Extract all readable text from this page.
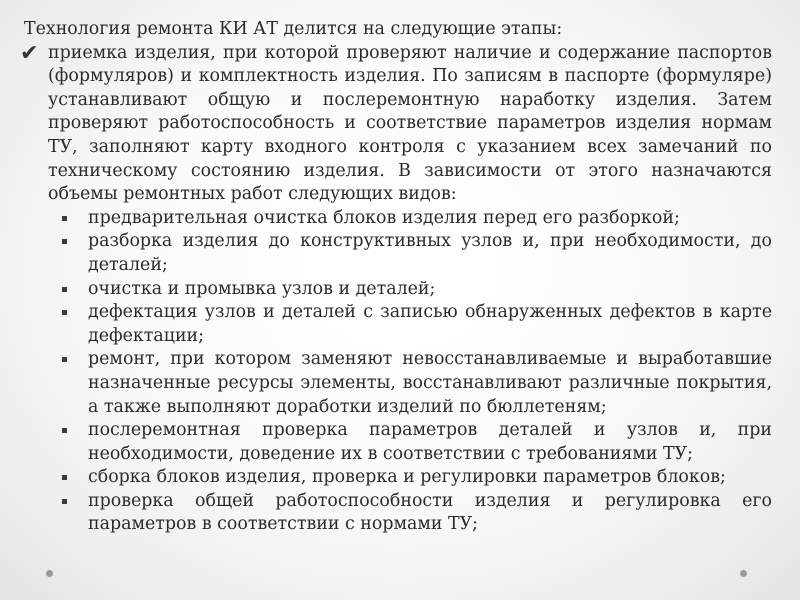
Технология ремонта КИ АТ делится на следующие этапы:

✔ приемка изделия, при которой проверяют наличие и содержание паспортов (формуляров) и комплектность изделия. По записям в паспорте (формуляре) устанавливают общую и послеремонтную наработку изделия. Затем проверяют работоспособность и соответствие параметров изделия нормам ТУ, заполняют карту входного контроля с указанием всех замечаний по техническому состоянию изделия. В зависимости от этого назначаются объемы ремонтных работ следующих видов:
предварительная очистка блоков изделия перед его разборкой;
разборка изделия до конструктивных узлов и, при необходимости, до деталей;
очистка и промывка узлов и деталей;
дефектация узлов и деталей с записью обнаруженных дефектов в карте дефектации;
ремонт, при котором заменяют невосстанавливаемые и выработавшие назначенные ресурсы элементы, восстанавливают различные покрытия, а также выполняют доработки изделий по бюллетеням;
послеремонтная проверка параметров деталей и узлов и, при необходимости, доведение их в соответствии с требованиями ТУ;
сборка блоков изделия, проверка и регулировки параметров блоков;
проверка общей работоспособности изделия и регулировка его параметров в соответствии с нормами ТУ;
